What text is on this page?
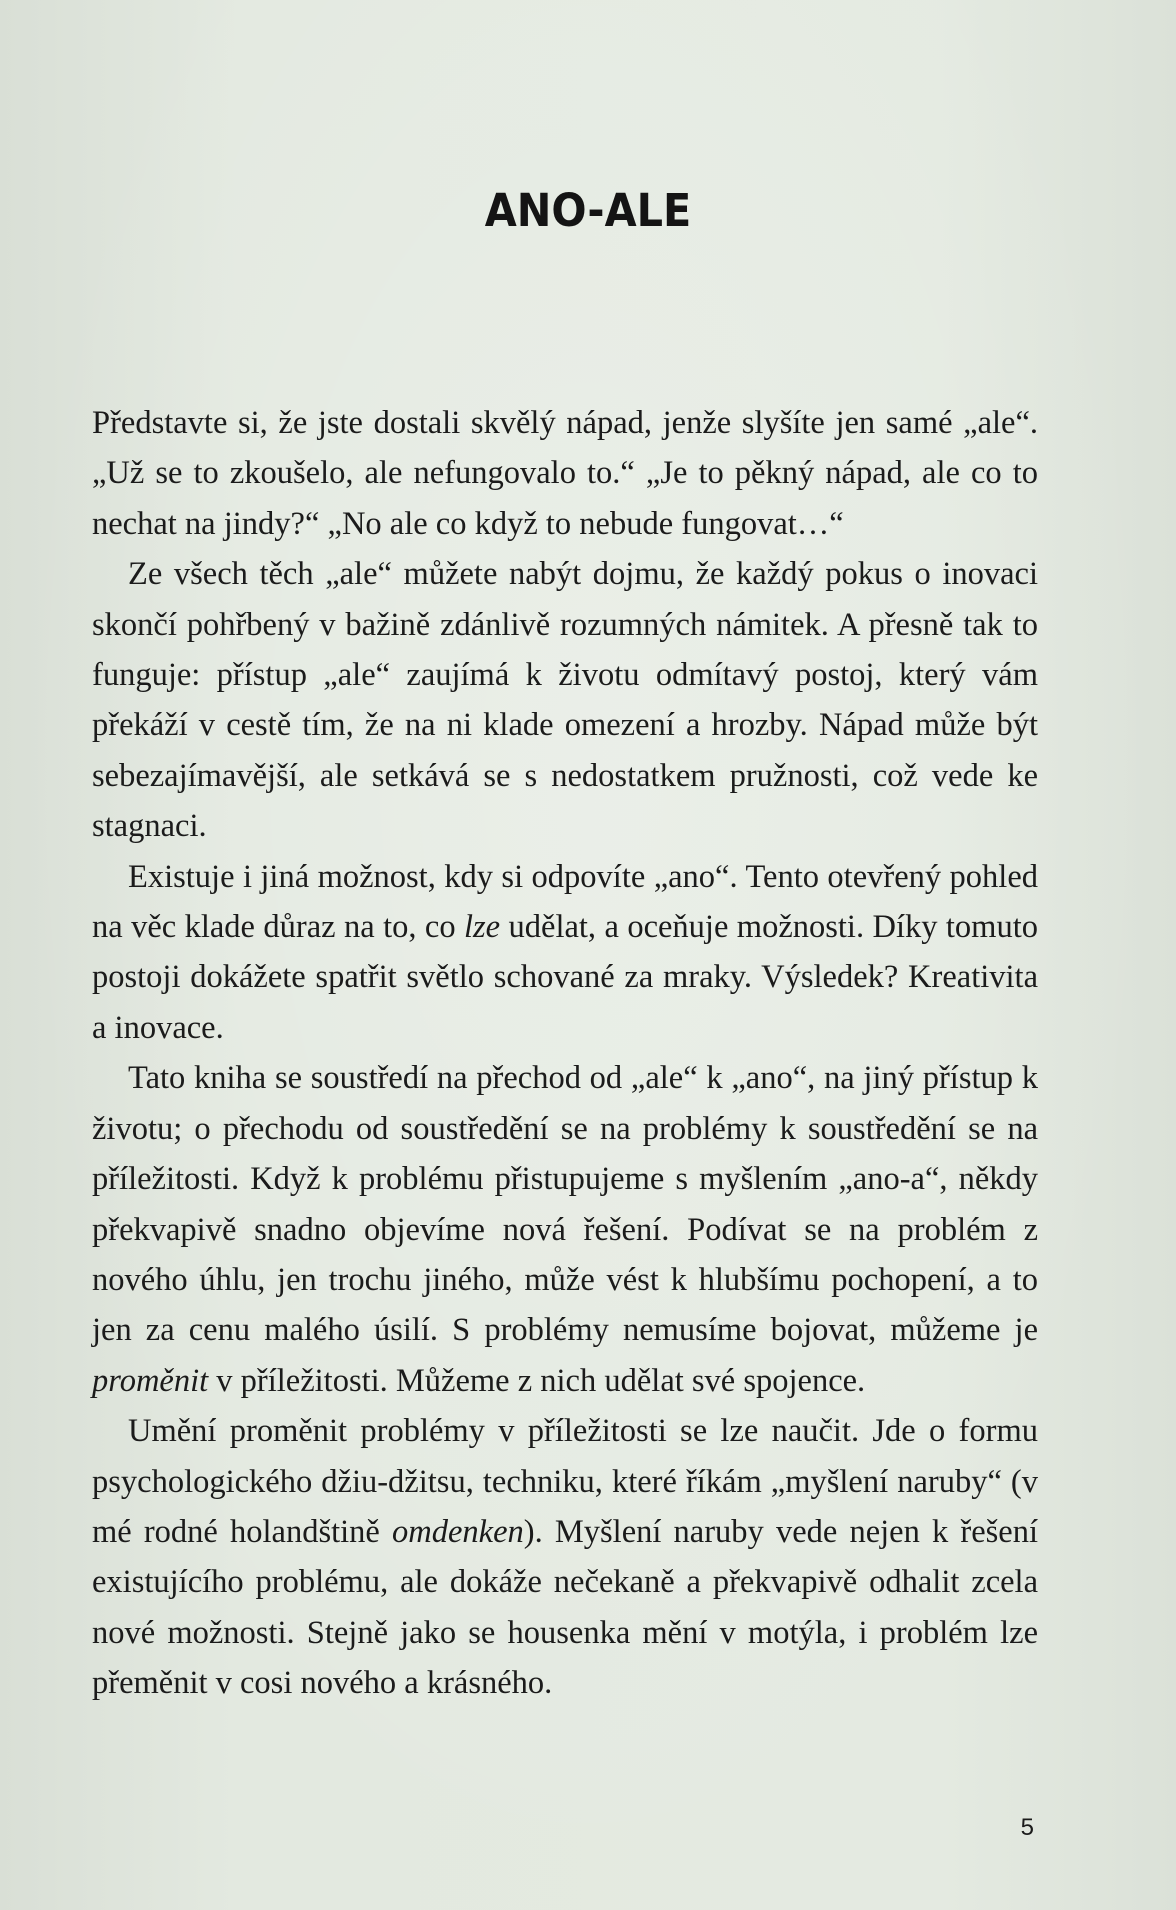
ANO-ALE

Představte si, že jste dostali skvělý nápad, jenže slyšíte jen samé „ale“. „Už se to zkoušelo, ale nefungovalo to.“ „Je to pěkný nápad, ale co to nechat na jindy?“ „No ale co když to nebude fungovat…“

Ze všech těch „ale“ můžete nabýt dojmu, že každý pokus o inovaci skončí pohřbený v bažině zdánlivě rozumných námitek. A přesně tak to funguje: přístup „ale“ zaujímá k životu odmítavý postoj, který vám překáží v cestě tím, že na ni klade omezení a hrozby. Nápad může být sebezajímavější, ale setkává se s nedostatkem pružnosti, což vede ke stagnaci.

Existuje i jiná možnost, kdy si odpovíte „ano“. Tento otevřený pohled na věc klade důraz na to, co lze udělat, a oceňuje možnosti. Díky tomuto postoji dokážete spatřit světlo schované za mraky. Výsledek? Kreativita a inovace.

Tato kniha se soustředí na přechod od „ale“ k „ano“, na jiný přístup k životu; o přechodu od soustředění se na problémy k soustředění se na příležitosti. Když k problému přistupujeme s myšlením „ano-a“, někdy překvapivě snadno objevíme nová řešení. Podívat se na problém z nového úhlu, jen trochu jiného, může vést k hlubšímu pochopení, a to jen za cenu malého úsilí. S problémy nemusíme bojovat, můžeme je proměnit v příležitosti. Můžeme z nich udělat své spojence.

Umění proměnit problémy v příležitosti se lze naučit. Jde o formu psychologického džiu-džitsu, techniku, které říkám „myšlení naruby“ (v mé rodné holandštině omdenken). Myšlení naruby vede nejen k řešení existujícího problému, ale dokáže nečekaně a překvapivě odhalit zcela nové možnosti. Stejně jako se housenka mění v motýla, i problém lze přeměnit v cosi nového a krásného.

5
